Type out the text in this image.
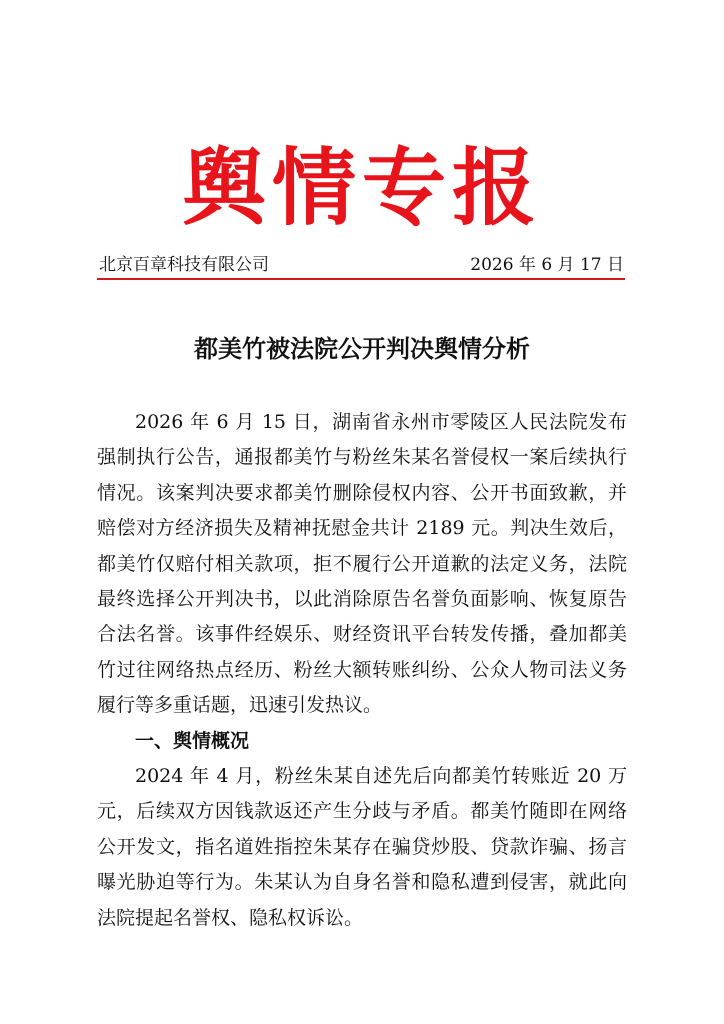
舆情专报
北京百章科技有限公司	2026 年 6 月 17 日
都美竹被法院公开判决舆情分析

2026 年 6 月 15 日，湖南省永州市零陵区人民法院发布强制执行公告，通报都美竹与粉丝朱某名誉侵权一案后续执行情况。该案判决要求都美竹删除侵权内容、公开书面致歉，并赔偿对方经济损失及精神抚慰金共计 2189 元。判决生效后，都美竹仅赔付相关款项，拒不履行公开道歉的法定义务，法院最终选择公开判决书，以此消除原告名誉负面影响、恢复原告合法名誉。该事件经娱乐、财经资讯平台转发传播，叠加都美竹过往网络热点经历、粉丝大额转账纠纷、公众人物司法义务履行等多重话题，迅速引发热议。

一、舆情概况

2024 年 4 月，粉丝朱某自述先后向都美竹转账近 20 万元，后续双方因钱款返还产生分歧与矛盾。都美竹随即在网络公开发文，指名道姓指控朱某存在骗贷炒股、贷款诈骗、扬言曝光胁迫等行为。朱某认为自身名誉和隐私遭到侵害，就此向法院提起名誉权、隐私权诉讼。
